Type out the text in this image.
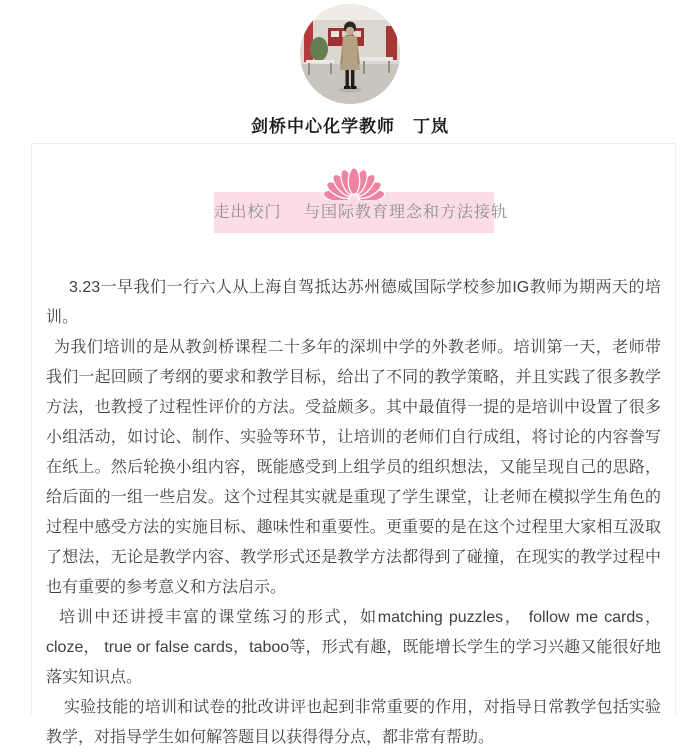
剑桥中心化学教师　丁岚
走出校门　 与国际教育理念和方法接轨

3.23一早我们一行六人从上海自驾抵达苏州德威国际学校参加IG教师为期两天的培训。

为我们培训的是从教剑桥课程二十多年的深圳中学的外教老师。培训第一天，老师带我们一起回顾了考纲的要求和教学目标，给出了不同的教学策略，并且实践了很多教学方法，也教授了过程性评价的方法。受益颇多。其中最值得一提的是培训中设置了很多小组活动，如讨论、制作、实验等环节，让培训的老师们自行成组，将讨论的内容誊写在纸上。然后轮换小组内容，既能感受到上组学员的组织想法，又能呈现自己的思路，给后面的一组一些启发。这个过程其实就是重现了学生课堂，让老师在模拟学生角色的过程中感受方法的实施目标、趣味性和重要性。更重要的是在这个过程里大家相互汲取了想法，无论是教学内容、教学形式还是教学方法都得到了碰撞，在现实的教学过程中也有重要的参考意义和方法启示。

培训中还讲授丰富的课堂练习的形式，如matching puzzles， follow me cards，cloze， true or false cards，taboo等，形式有趣，既能增长学生的学习兴趣又能很好地落实知识点。

实验技能的培训和试卷的批改讲评也起到非常重要的作用，对指导日常教学包括实验教学，对指导学生如何解答题目以获得得分点，都非常有帮助。
